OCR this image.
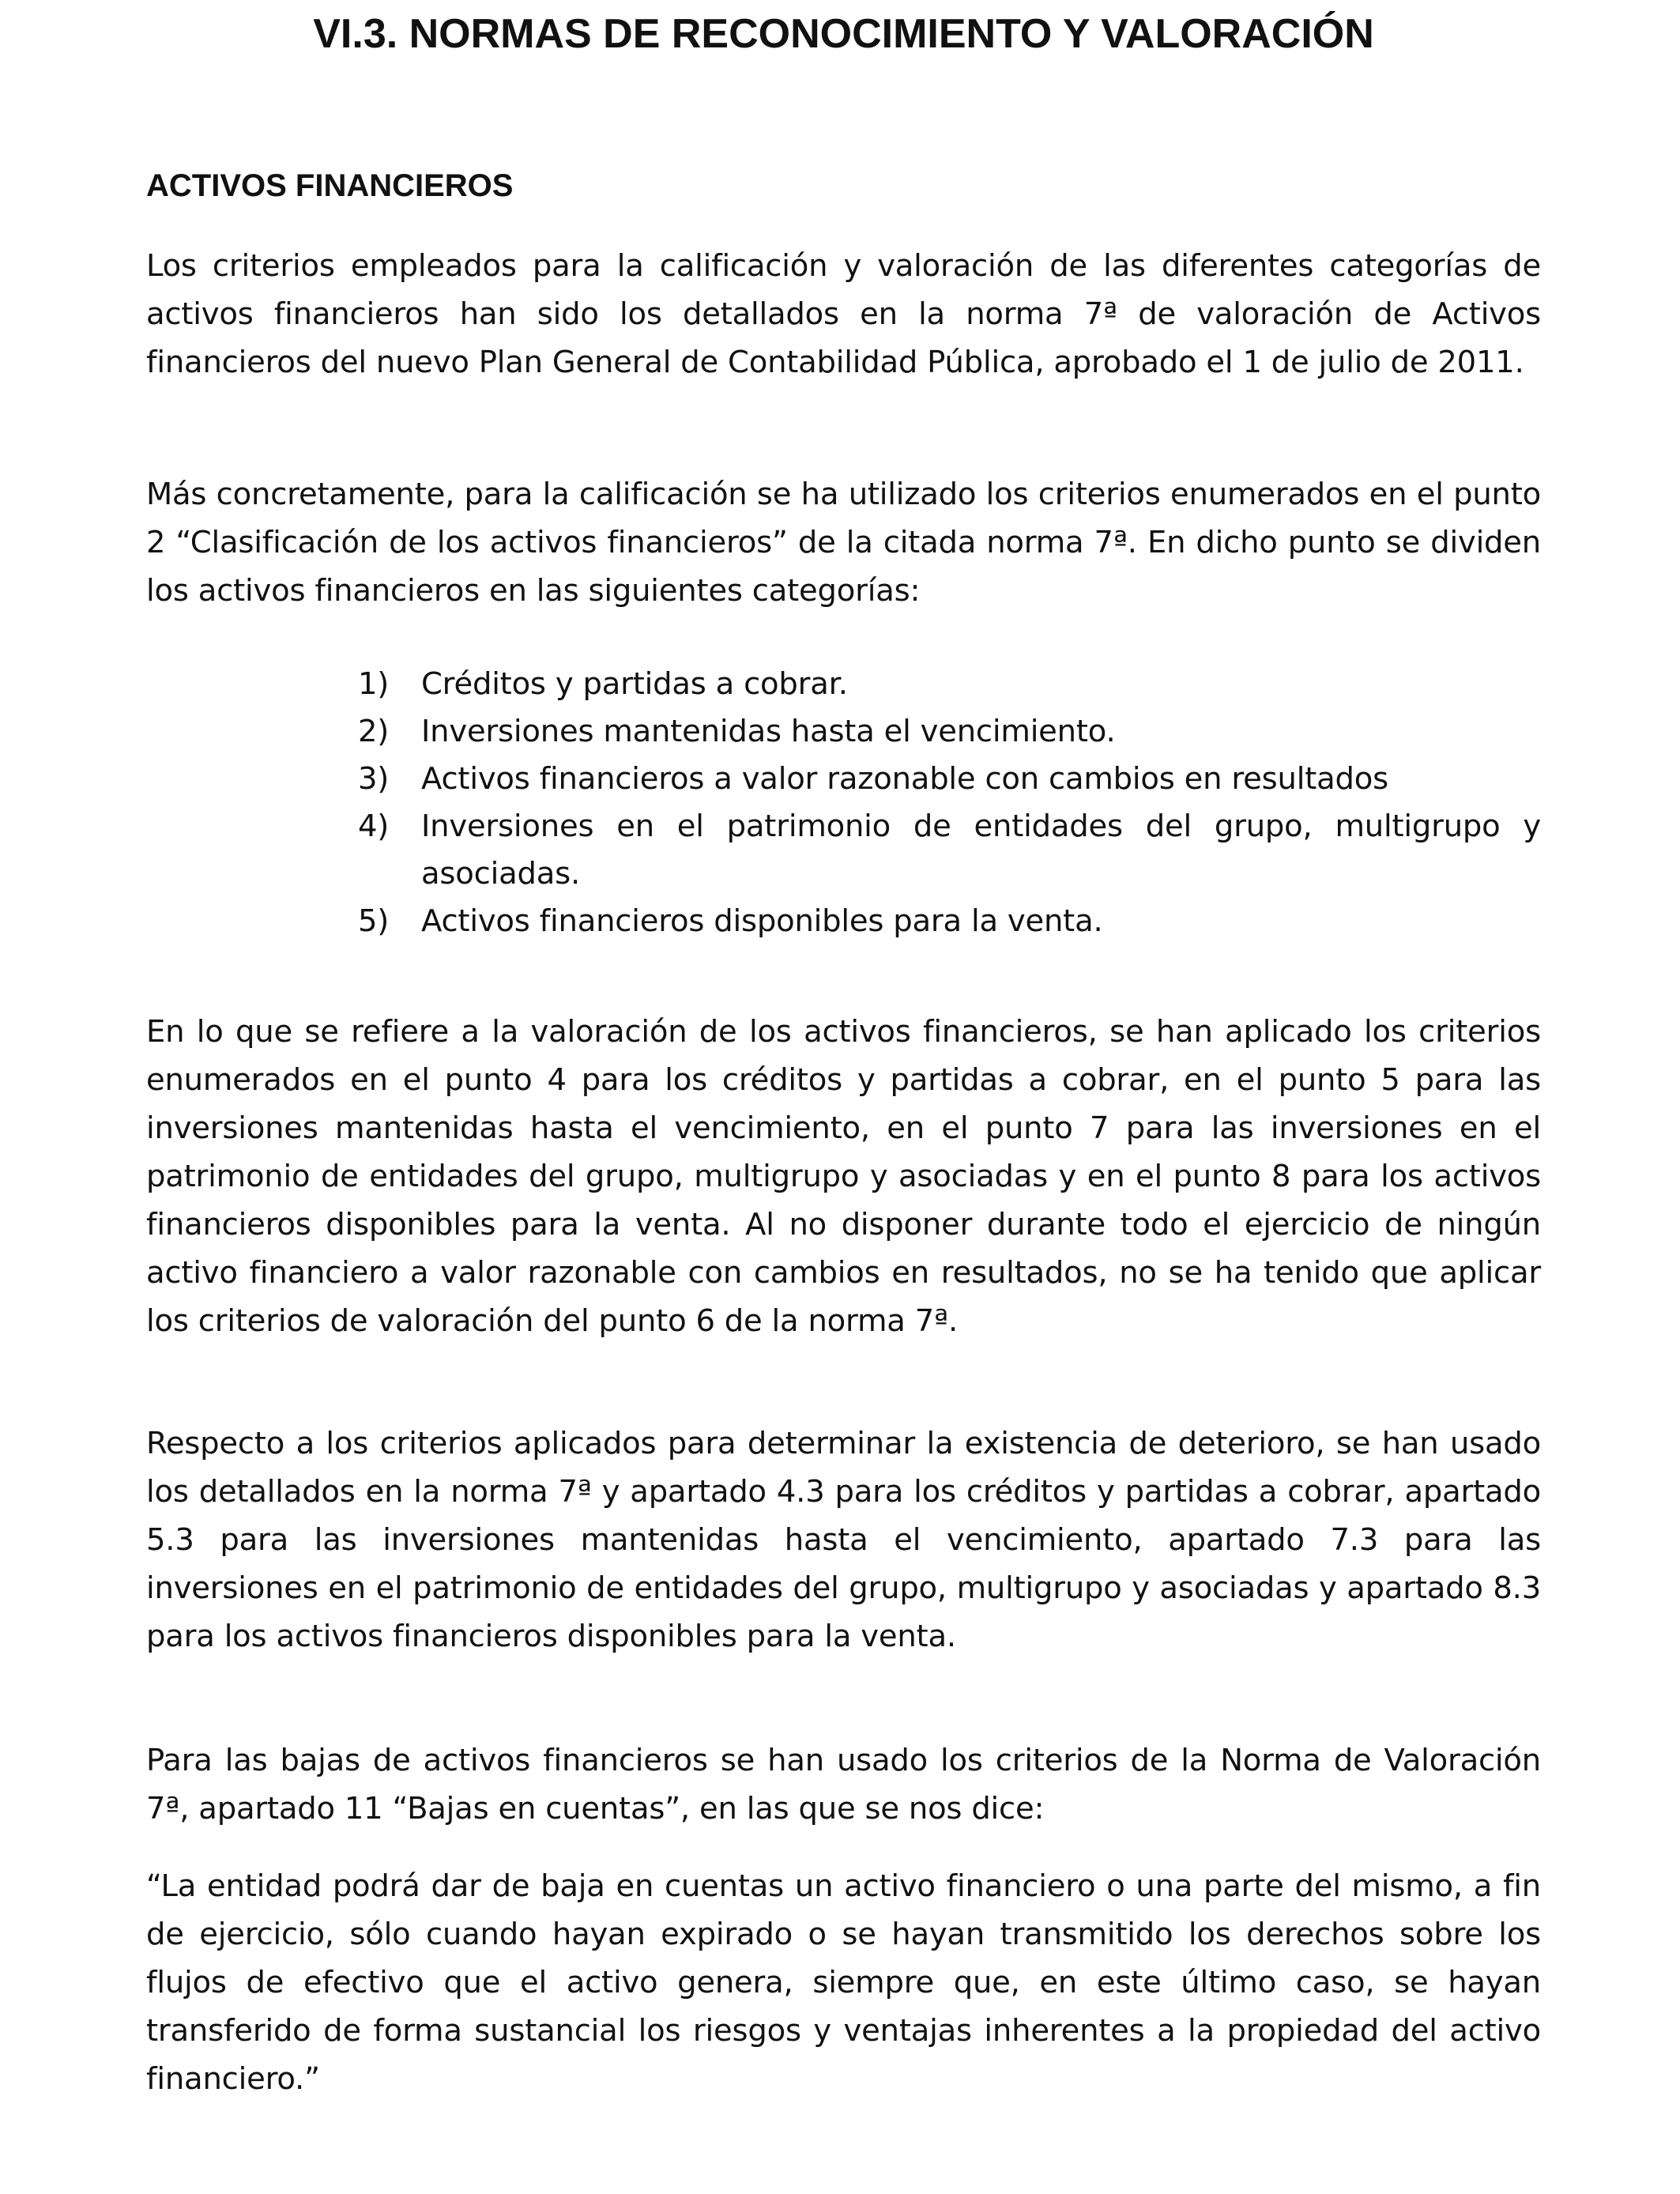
VI.3. NORMAS DE RECONOCIMIENTO Y VALORACIÓN
ACTIVOS FINANCIEROS

Los criterios empleados para la calificación y valoración de las diferentes categorías de activos financieros han sido los detallados en la norma 7ª de valoración de Activos financieros del nuevo Plan General de Contabilidad Pública, aprobado el 1 de julio de 2011.

Más concretamente, para la calificación se ha utilizado los criterios enumerados en el punto 2 “Clasificación de los activos financieros” de la citada norma 7ª. En dicho punto se dividen los activos financieros en las siguientes categorías:

1) Créditos y partidas a cobrar.
2) Inversiones mantenidas hasta el vencimiento.
3) Activos financieros a valor razonable con cambios en resultados
4) Inversiones en el patrimonio de entidades del grupo, multigrupo y asociadas.
5) Activos financieros disponibles para la venta.

En lo que se refiere a la valoración de los activos financieros, se han aplicado los criterios enumerados en el punto 4 para los créditos y partidas a cobrar, en el punto 5 para las inversiones mantenidas hasta el vencimiento, en el punto 7 para las inversiones en el patrimonio de entidades del grupo, multigrupo y asociadas y en el punto 8 para los activos financieros disponibles para la venta. Al no disponer durante todo el ejercicio de ningún activo financiero a valor razonable con cambios en resultados, no se ha tenido que aplicar los criterios de valoración del punto 6 de la norma 7ª.

Respecto a los criterios aplicados para determinar la existencia de deterioro, se han usado los detallados en la norma 7ª y apartado 4.3 para los créditos y partidas a cobrar, apartado 5.3 para las inversiones mantenidas hasta el vencimiento, apartado 7.3 para las inversiones en el patrimonio de entidades del grupo, multigrupo y asociadas y apartado 8.3 para los activos financieros disponibles para la venta.

Para las bajas de activos financieros se han usado los criterios de la Norma de Valoración 7ª, apartado 11 “Bajas en cuentas”, en las que se nos dice:

“La entidad podrá dar de baja en cuentas un activo financiero o una parte del mismo, a fin de ejercicio, sólo cuando hayan expirado o se hayan transmitido los derechos sobre los flujos de efectivo que el activo genera, siempre que, en este último caso, se hayan transferido de forma sustancial los riesgos y ventajas inherentes a la propiedad del activo financiero.”
